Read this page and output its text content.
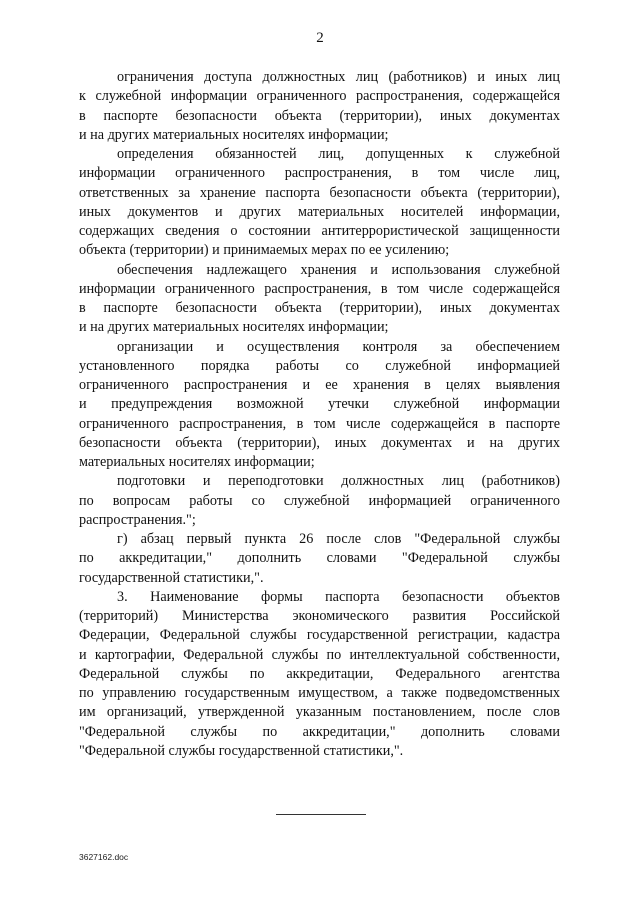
2
ограничения доступа должностных лиц (работников) и иных лиц
к служебной информации ограниченного распространения, содержащейся
в паспорте безопасности объекта (территории), иных документах
и на других материальных носителях информации;
определения обязанностей лиц, допущенных к служебной
информации ограниченного распространения, в том числе лиц,
ответственных за хранение паспорта безопасности объекта (территории),
иных документов и других материальных носителей информации,
содержащих сведения о состоянии антитеррористической защищенности
объекта (территории) и принимаемых мерах по ее усилению;
обеспечения надлежащего хранения и использования служебной
информации ограниченного распространения, в том числе содержащейся
в паспорте безопасности объекта (территории), иных документах
и на других материальных носителях информации;
организации и осуществления контроля за обеспечением
установленного порядка работы со служебной информацией
ограниченного распространения и ее хранения в целях выявления
и предупреждения возможной утечки служебной информации
ограниченного распространения, в том числе содержащейся в паспорте
безопасности объекта (территории), иных документах и на других
материальных носителях информации;
подготовки и переподготовки должностных лиц (работников)
по вопросам работы со служебной информацией ограниченного
распространения.";
г) абзац первый пункта 26 после слов "Федеральной службы
по аккредитации," дополнить словами "Федеральной службы
государственной статистики,".
3. Наименование формы паспорта безопасности объектов
(территорий) Министерства экономического развития Российской
Федерации, Федеральной службы государственной регистрации, кадастра
и картографии, Федеральной службы по интеллектуальной собственности,
Федеральной службы по аккредитации, Федерального агентства
по управлению государственным имуществом, а также подведомственных
им организаций, утвержденной указанным постановлением, после слов
"Федеральной службы по аккредитации," дополнить словами
"Федеральной службы государственной статистики,".
3627162.doc
